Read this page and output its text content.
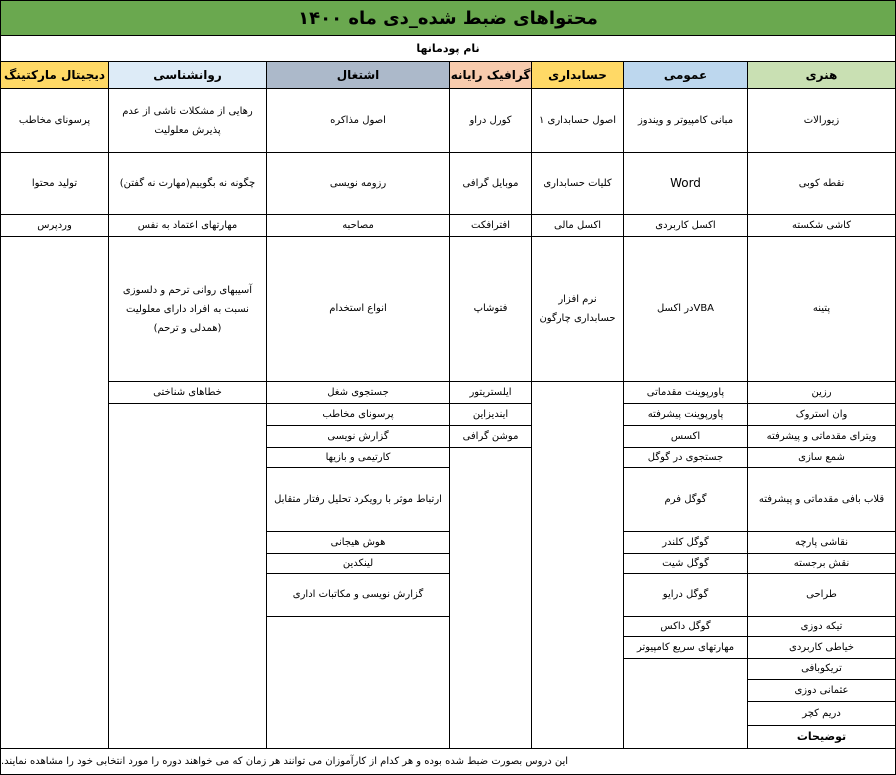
محتواهای ضبط شده_دی ماه ۱۴۰۰
نام پودمانها
دیجیتال مارکتینگ
پرسونای مخاطب
تولید محتوا
وردپرس
روانشناسی
رهایی از مشکلات ناشی از عدم پذیرش معلولیت
چگونه نه بگوییم(مهارت نه گفتن)
مهارتهای اعتماد به نفس
آسیبهای روانی ترحم و دلسوزی نسبت به افراد دارای معلولیت (همدلی و ترحم)
خطاهای شناختی
اشتغال
اصول مذاکره
رزومه نویسی
مصاحبه
انواع استخدام
جستجوی شغل
پرسونای مخاطب
گزارش نویسی
کارتیمی و بازیها
ارتباط موثر با رویکرد تحلیل رفتار متقابل
هوش هیجانی
لینکدین
گزارش نویسی و مکاتبات اداری
گرافیک رایانه
کورل دراو
موبایل گرافی
افترافکت
فتوشاپ
ایلستریتور
ایندیزاین
موشن گرافی
حسابداری
اصول حسابداری ۱
کلیات حسابداری
اکسل مالی
نرم افزار حسابداری چارگون
عمومی
مبانی کامپیوتر و ویندوز
Word
اکسل کاربردی
VBAدر اکسل
پاورپوینت مقدماتی
پاورپوینت پیشرفته
اکسس
جستجوی در گوگل
گوگل فرم
گوگل کلندر
گوگل شیت
گوگل درایو
گوگل داکس
مهارتهای سریع کامپیوتر
هنری
زیورالات
نقطه کوبی
کاشی شکسته
پتینه
رزین
وان استروک
ویترای مقدماتی و پیشرفته
شمع سازی
قلاب بافی مقدماتی و پیشرفته
نقاشی پارچه
نقش برجسته
طراحی
تیکه دوزی
خیاطی کاربردی
تریکوبافی
عثمانی دوزی
دریم کچر
توضیحات
این دروس بصورت ضبط شده بوده و هر کدام از کارآموزان می توانند هر زمان که می خواهند دوره را مورد انتخابی خود را مشاهده نمایند.
